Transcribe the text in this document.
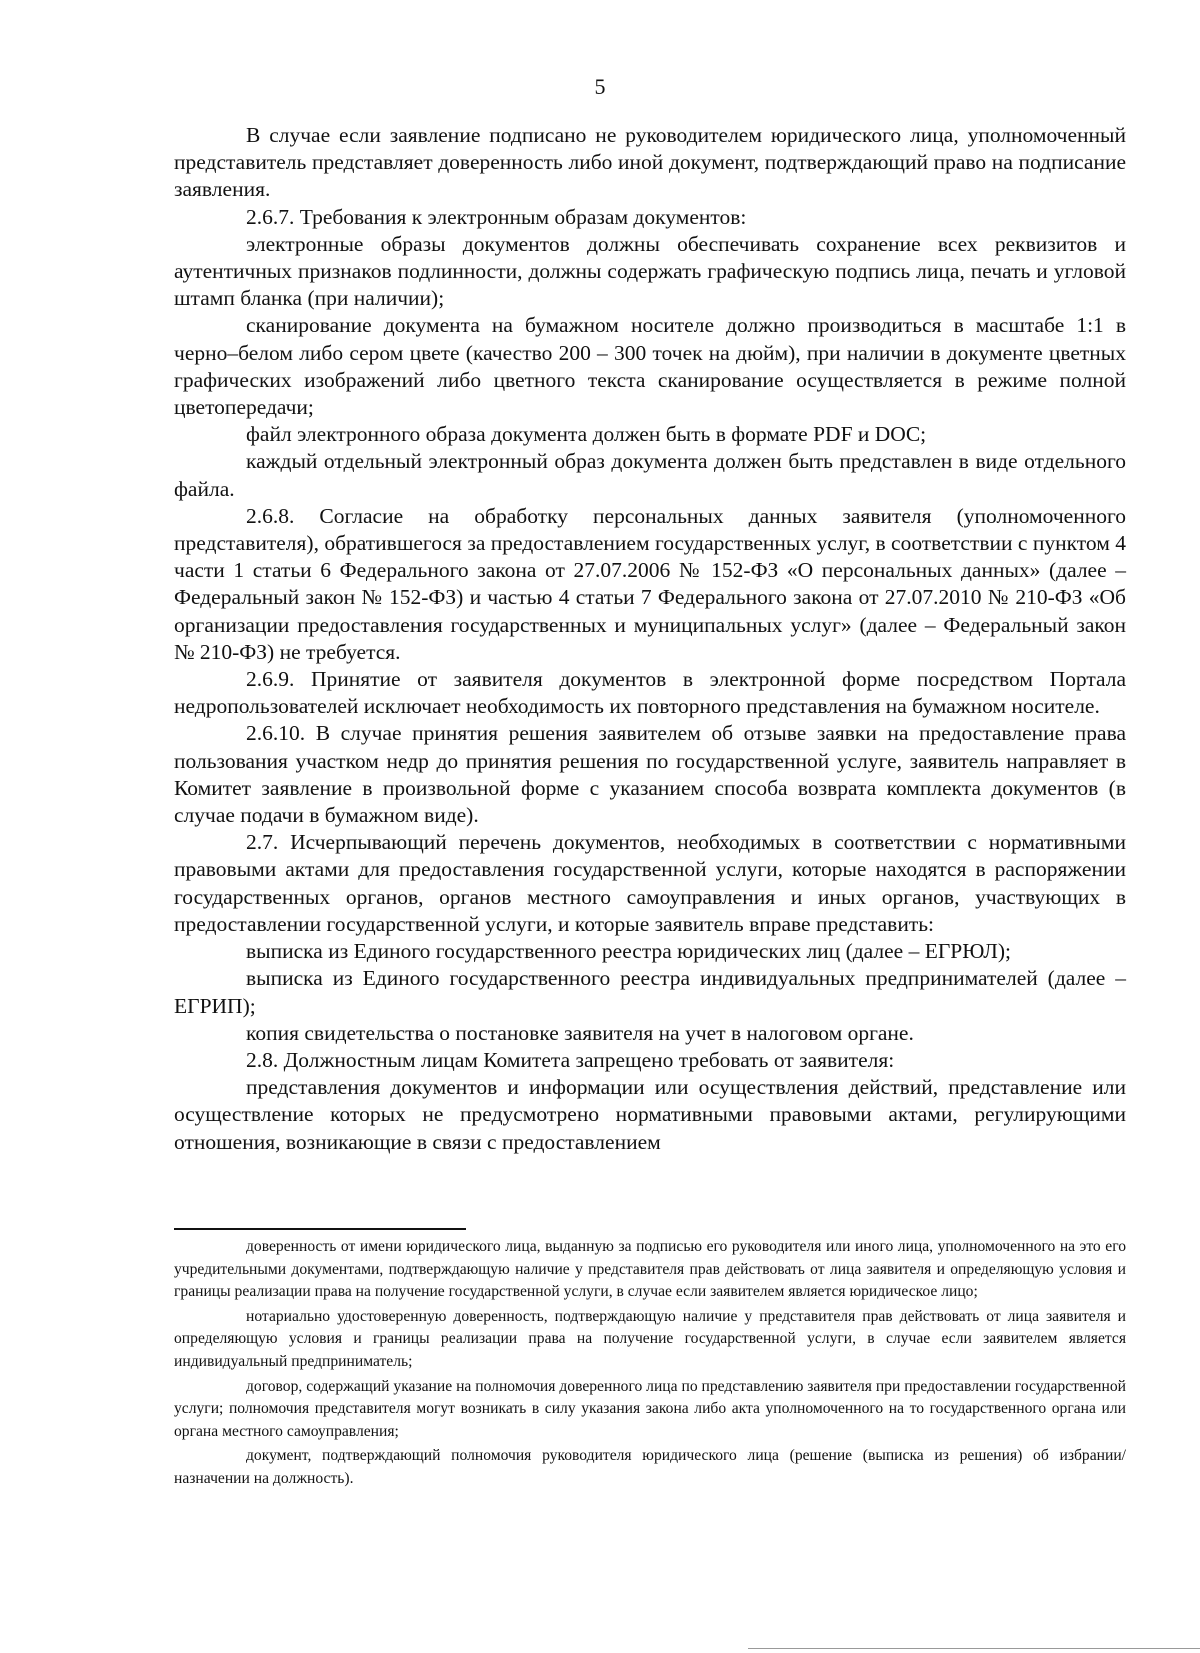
5

В случае если заявление подписано не руководителем юридического лица, уполномоченный представитель представляет доверенность либо иной документ, подтверждающий право на подписание заявления.

2.6.7. Требования к электронным образам документов:

электронные образы документов должны обеспечивать сохранение всех реквизитов и аутентичных признаков подлинности, должны содержать графическую подпись лица, печать и угловой штамп бланка (при наличии);

сканирование документа на бумажном носителе должно производиться в масштабе 1:1 в черно–белом либо сером цвете (качество 200 – 300 точек на дюйм), при наличии в документе цветных графических изображений либо цветного текста сканирование осуществляется в режиме полной цветопередачи;

файл электронного образа документа должен быть в формате PDF и DOC;

каждый отдельный электронный образ документа должен быть представлен в виде отдельного файла.

2.6.8. Согласие на обработку персональных данных заявителя (уполномоченного представителя), обратившегося за предоставлением государственных услуг, в соответствии с пунктом 4 части 1 статьи 6 Федерального закона от 27.07.2006 № 152-ФЗ «О персональных данных» (далее – Федеральный закон № 152-ФЗ) и частью 4 статьи 7 Федерального закона от 27.07.2010 № 210-ФЗ «Об организации предоставления государственных и муниципальных услуг» (далее – Федеральный закон № 210-ФЗ) не требуется.

2.6.9. Принятие от заявителя документов в электронной форме посредством Портала недропользователей исключает необходимость их повторного представления на бумажном носителе.

2.6.10. В случае принятия решения заявителем об отзыве заявки на предоставление права пользования участком недр до принятия решения по государственной услуге, заявитель направляет в Комитет заявление в произвольной форме с указанием способа возврата комплекта документов (в случае подачи в бумажном виде).

2.7. Исчерпывающий перечень документов, необходимых в соответствии с нормативными правовыми актами для предоставления государственной услуги, которые находятся в распоряжении государственных органов, органов местного самоуправления и иных органов, участвующих в предоставлении государственной услуги, и которые заявитель вправе представить:

выписка из Единого государственного реестра юридических лиц (далее – ЕГРЮЛ);

выписка из Единого государственного реестра индивидуальных предпринимателей (далее – ЕГРИП);

копия свидетельства о постановке заявителя на учет в налоговом органе.

2.8. Должностным лицам Комитета запрещено требовать от заявителя:

представления документов и информации или осуществления действий, представление или осуществление которых не предусмотрено нормативными правовыми актами, регулирующими отношения, возникающие в связи с предоставлением

доверенность от имени юридического лица, выданную за подписью его руководителя или иного лица, уполномоченного на это его учредительными документами, подтверждающую наличие у представителя прав действовать от лица заявителя и определяющую условия и границы реализации права на получение государственной услуги, в случае если заявителем является юридическое лицо;

нотариально удостоверенную доверенность, подтверждающую наличие у представителя прав действовать от лица заявителя и определяющую условия и границы реализации права на получение государственной услуги, в случае если заявителем является индивидуальный предприниматель;

договор, содержащий указание на полномочия доверенного лица по представлению заявителя при предоставлении государственной услуги; полномочия представителя могут возникать в силу указания закона либо акта уполномоченного на то государственного органа или органа местного самоуправления;

документ, подтверждающий полномочия руководителя юридического лица (решение (выписка из решения) об избрании/назначении на должность).
